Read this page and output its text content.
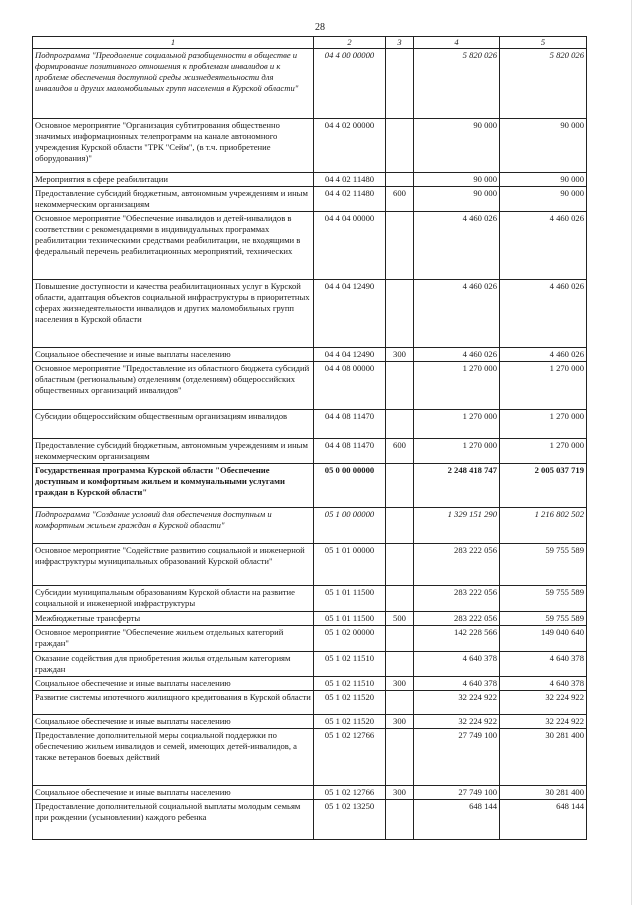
28
1	2	3	4	5
Подпрограмма "Преодоление социальной разобщенности в обществе и формирование позитивного отношения к проблемам инвалидов и к проблеме обеспечения доступной среды жизнедеятельности для инвалидов и других маломобильных групп населения в Курской области"	04 4 00 00000		5 820 026	5 820 026
Основное мероприятие "Организация субтитрования общественно значимых информационных телепрограмм на канале автономного учреждения Курской области "ТРК "Сейм", (в т.ч. приобретение оборудования)"	04 4 02 00000		90 000	90 000
Мероприятия в сфере реабилитации	04 4 02 11480		90 000	90 000
Предоставление субсидий бюджетным, автономным учреждениям и иным некоммерческим организациям	04 4 02 11480	600	90 000	90 000
Основное мероприятие "Обеспечение инвалидов и детей-инвалидов в соответствии с рекомендациями в индивидуальных программах реабилитации техническими средствами реабилитации, не входящими в федеральный перечень реабилитационных мероприятий, технических	04 4 04 00000		4 460 026	4 460 026
Повышение доступности и качества реабилитационных услуг в Курской области, адаптация объектов социальной инфраструктуры в приоритетных сферах жизнедеятельности инвалидов и других маломобильных групп населения в Курской области	04 4 04 12490		4 460 026	4 460 026
Социальное обеспечение и иные выплаты населению	04 4 04 12490	300	4 460 026	4 460 026
Основное мероприятие "Предоставление из областного бюджета субсидий областным (региональным) отделениям (отделениям) общероссийских общественных организаций инвалидов"	04 4 08 00000		1 270 000	1 270 000
Субсидии общероссийским общественным организациям инвалидов	04 4 08 11470		1 270 000	1 270 000
Предоставление субсидий бюджетным, автономным учреждениям и иным некоммерческим организациям	04 4 08 11470	600	1 270 000	1 270 000
Государственная программа Курской области "Обеспечение доступным и комфортным жильем и коммунальными услугами граждан в Курской области"	05 0 00 00000		2 248 418 747	2 005 037 719
Подпрограмма "Создание условий для обеспечения доступным и комфортным жильем граждан в Курской области"	05 1 00 00000		1 329 151 290	1 216 802 502
Основное мероприятие "Содействие развитию социальной и инженерной инфраструктуры муниципальных образований Курской области"	05 1 01 00000		283 222 056	59 755 589
Субсидии муниципальным образованиям Курской области на развитие социальной и инженерной инфраструктуры	05 1 01 11500		283 222 056	59 755 589
Межбюджетные трансферты	05 1 01 11500	500	283 222 056	59 755 589
Основное мероприятие "Обеспечение жильем отдельных категорий граждан"	05 1 02 00000		142 228 566	149 040 640
Оказание содействия для приобретения жилья отдельным категориям граждан	05 1 02 11510		4 640 378	4 640 378
Социальное обеспечение и иные выплаты населению	05 1 02 11510	300	4 640 378	4 640 378
Развитие системы ипотечного жилищного кредитования в Курской области	05 1 02 11520		32 224 922	32 224 922
Социальное обеспечение и иные выплаты населению	05 1 02 11520	300	32 224 922	32 224 922
Предоставление дополнительной меры социальной поддержки по обеспечению жильем инвалидов и семей, имеющих детей-инвалидов, а также ветеранов боевых действий	05 1 02 12766		27 749 100	30 281 400
Социальное обеспечение и иные выплаты населению	05 1 02 12766	300	27 749 100	30 281 400
Предоставление дополнительной социальной выплаты молодым семьям при рождении (усыновлении) каждого ребенка	05 1 02 13250		648 144	648 144
